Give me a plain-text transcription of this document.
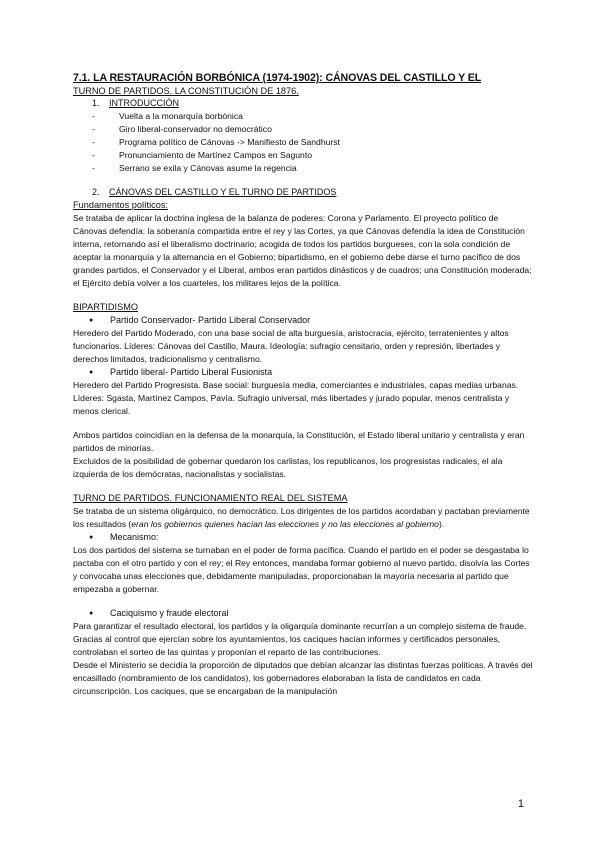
7.1. LA RESTAURACIÓN BORBÓNICA (1974-1902): CÁNOVAS DEL CASTILLO Y EL
TURNO DE PARTIDOS. LA CONSTITUCIÓN DE 1876.
1.	INTRODUCCIÓN
-	Vuelta a la monarquía borbónica
-	Giro liberal-conservador no democrático
-	Programa político de Cánovas -> Manifiesto de Sandhurst
-	Pronunciamiento de Martínez Campos en Sagunto
-	Serrano se exila y Cánovas asume la regencia
2.	CÁNOVAS DEL CASTILLO Y EL TURNO DE PARTIDOS

Fundamentos políticos:

Se trataba de aplicar la doctrina inglesa de la balanza de poderes: Corona y Parlamento. El proyecto político de Cánovas defendía: la soberanía compartida entre el rey y las Cortes, ya que Cánovas defendía la idea de Constitución interna, retornando así el liberalismo doctrinario; acogida de todos los partidos burgueses, con la sola condición de aceptar la monarquía y la alternancia en el Gobierno; bipartidismo, en el gobierno debe darse el turno pacífico de dos grandes partidos, el Conservador y el Liberal, ambos eran partidos dinásticos y de cuadros; una Constitución moderada; el Ejército debía volver a los cuarteles, los militares lejos de la política.

BIPARTIDISMO

●	Partido Conservador- Partido Liberal Conservador

Heredero del Partido Moderado, con una base social de alta burguesía, aristocracia, ejército, terratenientes y altos funcionarios. Líderes: Cánovas del Castillo, Maura. Ideología: sufragio censitario, orden y represión, libertades y derechos limitados, tradicionalismo y centralismo.

●	Partido liberal- Partido Liberal Fusionista

Heredero del Partido Progresista. Base social: burguesía media, comerciantes e industriales, capas medias urbanas. Líderes: Sgasta, Martínez Campos, Pavía. Sufragio universal, más libertades y jurado popular, menos centralista y menos clerical.

Ambos partidos coincidían en la defensa de la monarquía, la Constitución, el Estado liberal unitario y centralista y eran partidos de minorías.

Excluidos de la posibilidad de gobernar quedaron los carlistas, los republicanos, los progresistas radicales, el ala izquierda de los demócratas, nacionalistas y socialistas.

TURNO DE PARTIDOS. FUNCIONAMIENTO REAL DEL SISTEMA

Se trataba de un sistema oligárquico, no democrático. Los dirigentes de los partidos acordaban y pactaban previamente los resultados (eran los gobiernos quienes hacían las elecciones y no las elecciones al gobierno).

●	Mecanismo:

Los dos partidos del sistema se turnaban en el poder de forma pacífica. Cuando el partido en el poder se desgastaba lo pactaba con el otro partido y con el rey; el Rey entonces, mandaba formar gobierno al nuevo partido, disolvía las Cortes y convocaba unas elecciones que, debidamente manipuladas, proporcionaban la mayoría necesaria al partido que empezaba a gobernar.

●	Caciquismo y fraude electoral

Para garantizar el resultado electoral, los partidos y la oligarquía dominante recurrían a un complejo sistema de fraude. Gracias al control que ejercían sobre los ayuntamientos, los caciques hacían informes y certificados personales, controlaban el sorteo de las quintas y proponían el reparto de las contribuciones.

Desde el Ministerio se decidía la proporción de diputados que debían alcanzar las distintas fuerzas políticas. A través del encasillado (nombramiento de los candidatos), los gobernadores elaboraban la lista de candidatos en cada circunscripción. Los caciques, que se encargaban de la manipulación

1
